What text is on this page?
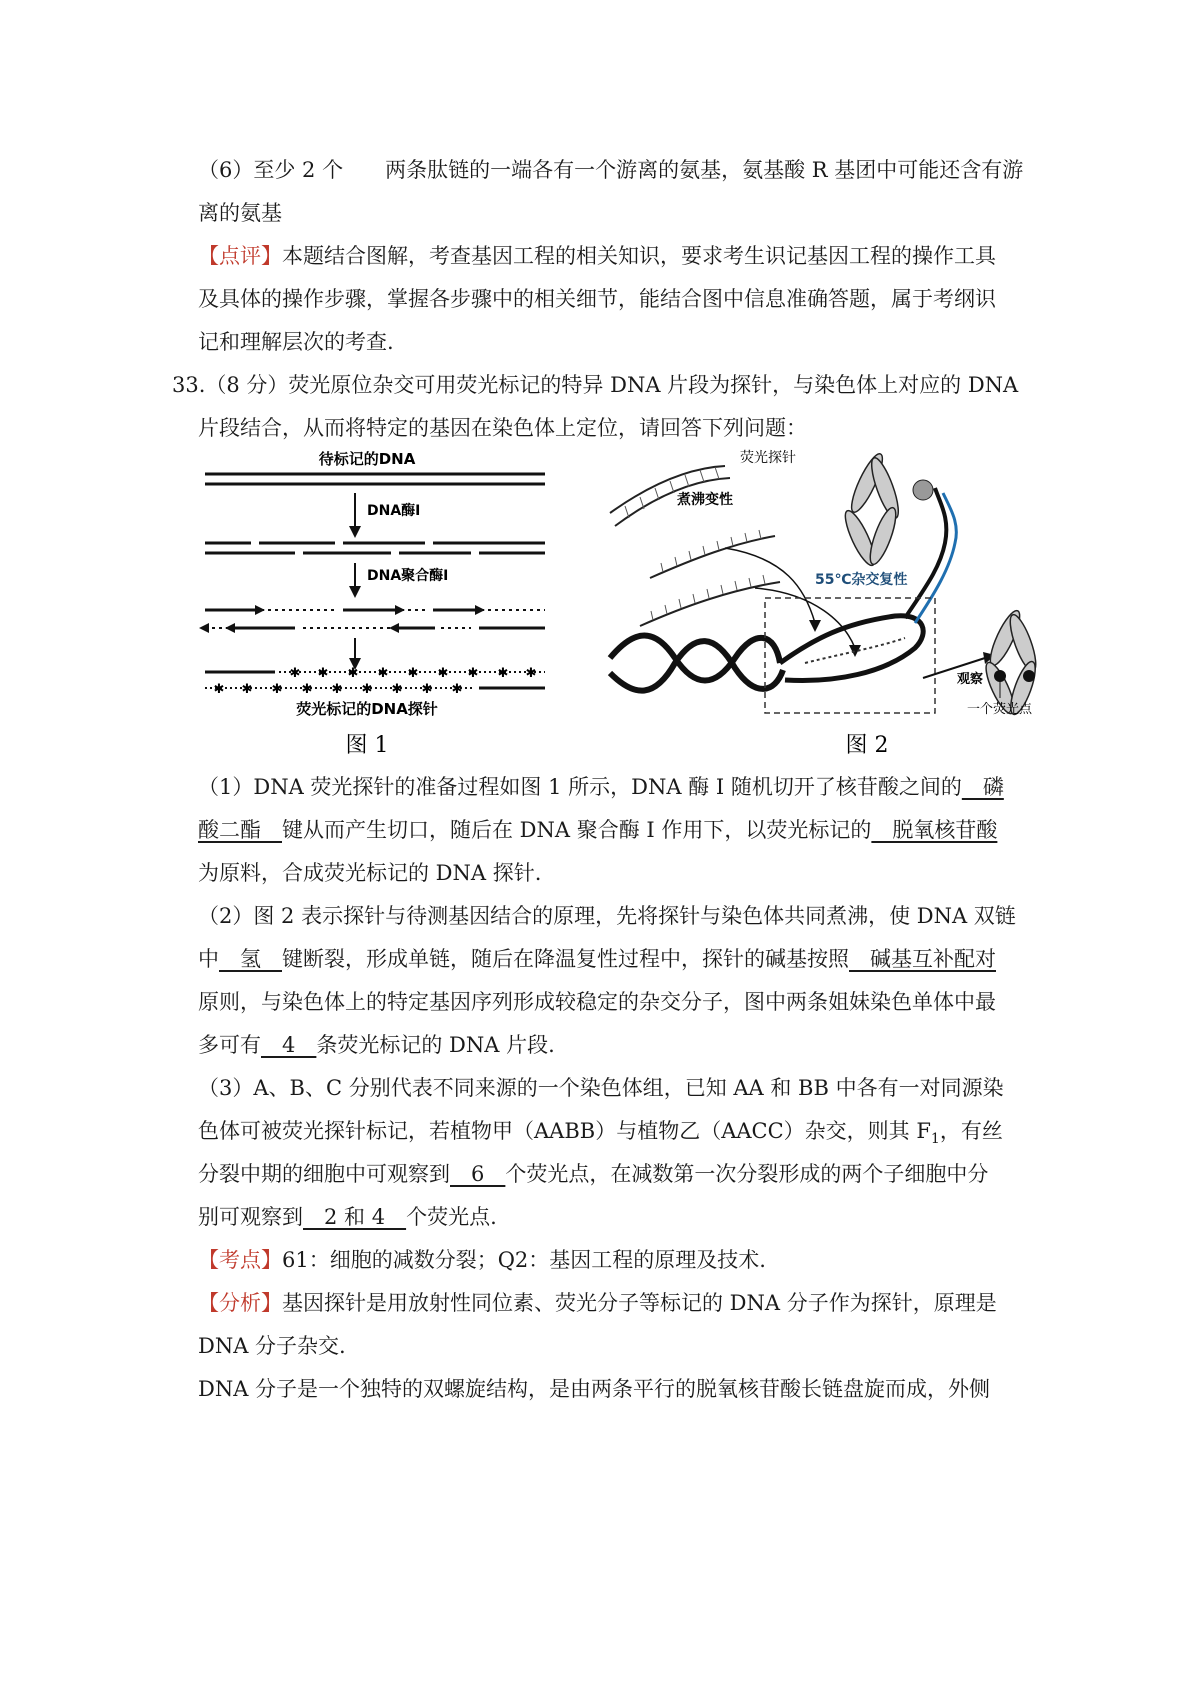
（6）至少 2 个　　两条肽链的一端各有一个游离的氨基，氨基酸 R 基团中可能还含有游
离的氨基
【点评】本题结合图解，考查基因工程的相关知识，要求考生识记基因工程的操作工具
及具体的操作步骤，掌握各步骤中的相关细节，能结合图中信息准确答题，属于考纲识
记和理解层次的考查.
33.（8 分）荧光原位杂交可用荧光标记的特异 DNA 片段为探针，与染色体上对应的 DNA
片段结合，从而将特定的基因在染色体上定位，请回答下列问题：
待标记的DNA
DNA酶I
DNA聚合酶I
✱ ✱ ✱ ✱ ✱ ✱ ✱ ✱ ✱
✱ ✱ ✱ ✱ ✱ ✱ ✱ ✱ ✱
荧光标记的DNA探针
图 1
荧光探针
煮沸变性
55℃杂交复性
观察
一个荧光点
图 2
（1）DNA 荧光探针的准备过程如图 1 所示，DNA 酶 I 随机切开了核苷酸之间的　磷
酸二酯　键从而产生切口，随后在 DNA 聚合酶 I 作用下，以荧光标记的　脱氧核苷酸
为原料，合成荧光标记的 DNA 探针.
（2）图 2 表示探针与待测基因结合的原理，先将探针与染色体共同煮沸，使 DNA 双链
中　氢　键断裂，形成单链，随后在降温复性过程中，探针的碱基按照　碱基互补配对
原则，与染色体上的特定基因序列形成较稳定的杂交分子，图中两条姐妹染色单体中最
多可有　4　条荧光标记的 DNA 片段.
（3）A、B、C 分别代表不同来源的一个染色体组，已知 AA 和 BB 中各有一对同源染
色体可被荧光探针标记，若植物甲（AABB）与植物乙（AACC）杂交，则其 $F_1$，有丝
分裂中期的细胞中可观察到　6　个荧光点，在减数第一次分裂形成的两个子细胞中分
别可观察到　2 和 4　个荧光点.
【考点】61：细胞的减数分裂；Q2：基因工程的原理及技术.
【分析】基因探针是用放射性同位素、荧光分子等标记的 DNA 分子作为探针，原理是
DNA 分子杂交.
DNA 分子是一个独特的双螺旋结构，是由两条平行的脱氧核苷酸长链盘旋而成，外侧
